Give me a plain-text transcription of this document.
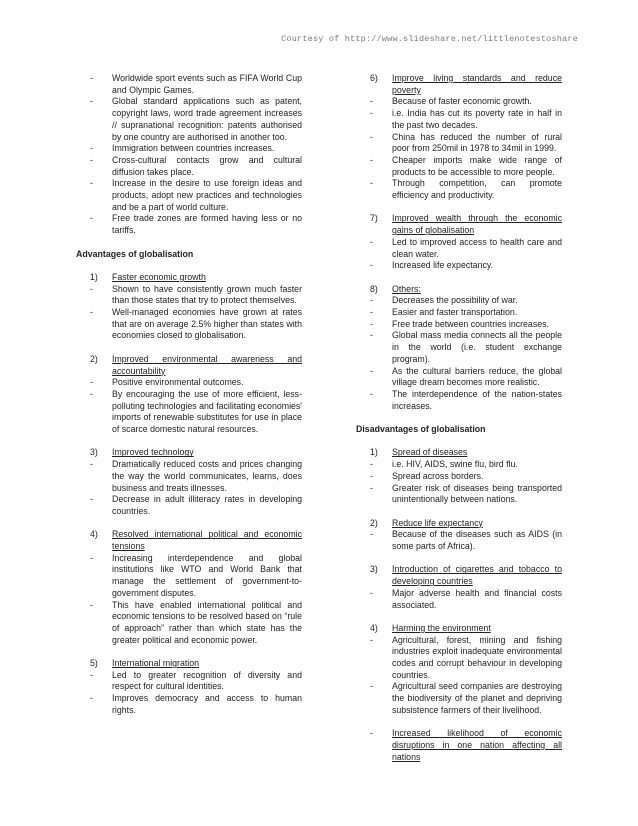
Courtesy of http://www.slideshare.net/littlenotestoshare
-	Worldwide sport events such as FIFA World Cup and Olympic Games.
-	Global standard applications such as patent, copyright laws, word trade agreement increases // supranational recognition: patents authorised by one country are authorised in another too.
-	Immigration between countries increases.
-	Cross-cultural contacts grow and cultural diffusion takes place.
-	Increase in the desire to use foreign ideas and products, adopt new practices and technologies and be a part of world culture.
-	Free trade zones are formed having less or no tariffs.

Advantages of globalisation

1)	Faster economic growth
-	Shown to have consistently grown much faster than those states that try to protect themselves.
-	Well-managed economies have grown at rates that are on average 2.5% higher than states with economies closed to globalisation.
2)	Improved environmental awareness and accountability
-	Positive environmental outcomes.
-	By encouraging the use of more efficient, less-polluting technologies and facilitating economies' imports of renewable substitutes for use in place of scarce domestic natural resources.
3)	Improved technology
-	Dramatically reduced costs and prices changing the way the world communicates, learns, does business and treats illnesses.
-	Decrease in adult illiteracy rates in developing countries.
4)	Resolved international political and economic tensions
-	Increasing interdependence and global institutions like WTO and World Bank that manage the settlement of government-to-government disputes.
-	This have enabled international political and economic tensions to be resolved based on “rule of approach” rather than which state has the greater political and economic power.
5)	International migration
-	Led to greater recognition of diversity and respect for cultural identities.
-	Improves democracy and access to human rights.
6)	Improve living standards and reduce poverty
-	Because of faster economic growth.
-	i.e. India has cut its poverty rate in half in the past two decades.
-	China has reduced the number of rural poor from 250mil in 1978 to 34mil in 1999.
-	Cheaper imports make wide range of products to be accessible to more people.
-	Through competition, can promote efficiency and productivity.
7)	Improved wealth through the economic gains of globalisation
-	Led to improved access to health care and clean water.
-	Increased life expectancy.
8)	Others:
-	Decreases the possibility of war.
-	Easier and faster transportation.
-	Free trade between countries increases.
-	Global mass media connects all the people in the world (i.e. student exchange program).
-	As the cultural barriers reduce, the global village dream becomes more realistic.
-	The interdependence of the nation-states increases.

Disadvantages of globalisation

1)	Spread of diseases
-	i.e. HIV, AIDS, swine flu, bird flu.
-	Spread across borders.
-	Greater risk of diseases being transported unintentionally between nations.
2)	Reduce life expectancy
-	Because of the diseases such as AIDS (in some parts of Africa).
3)	Introduction of cigarettes and tobacco to developing countries
-	Major adverse health and financial costs associated.
4)	Harming the environment
-	Agricultural, forest, mining and fishing industries exploit inadequate environmental codes and corrupt behaviour in developing countries.
-	Agricultural seed companies are destroying the biodiversity of the planet and depriving subsistence farmers of their livelihood.
-	Increased likelihood of economic disruptions in one nation affecting all nations
